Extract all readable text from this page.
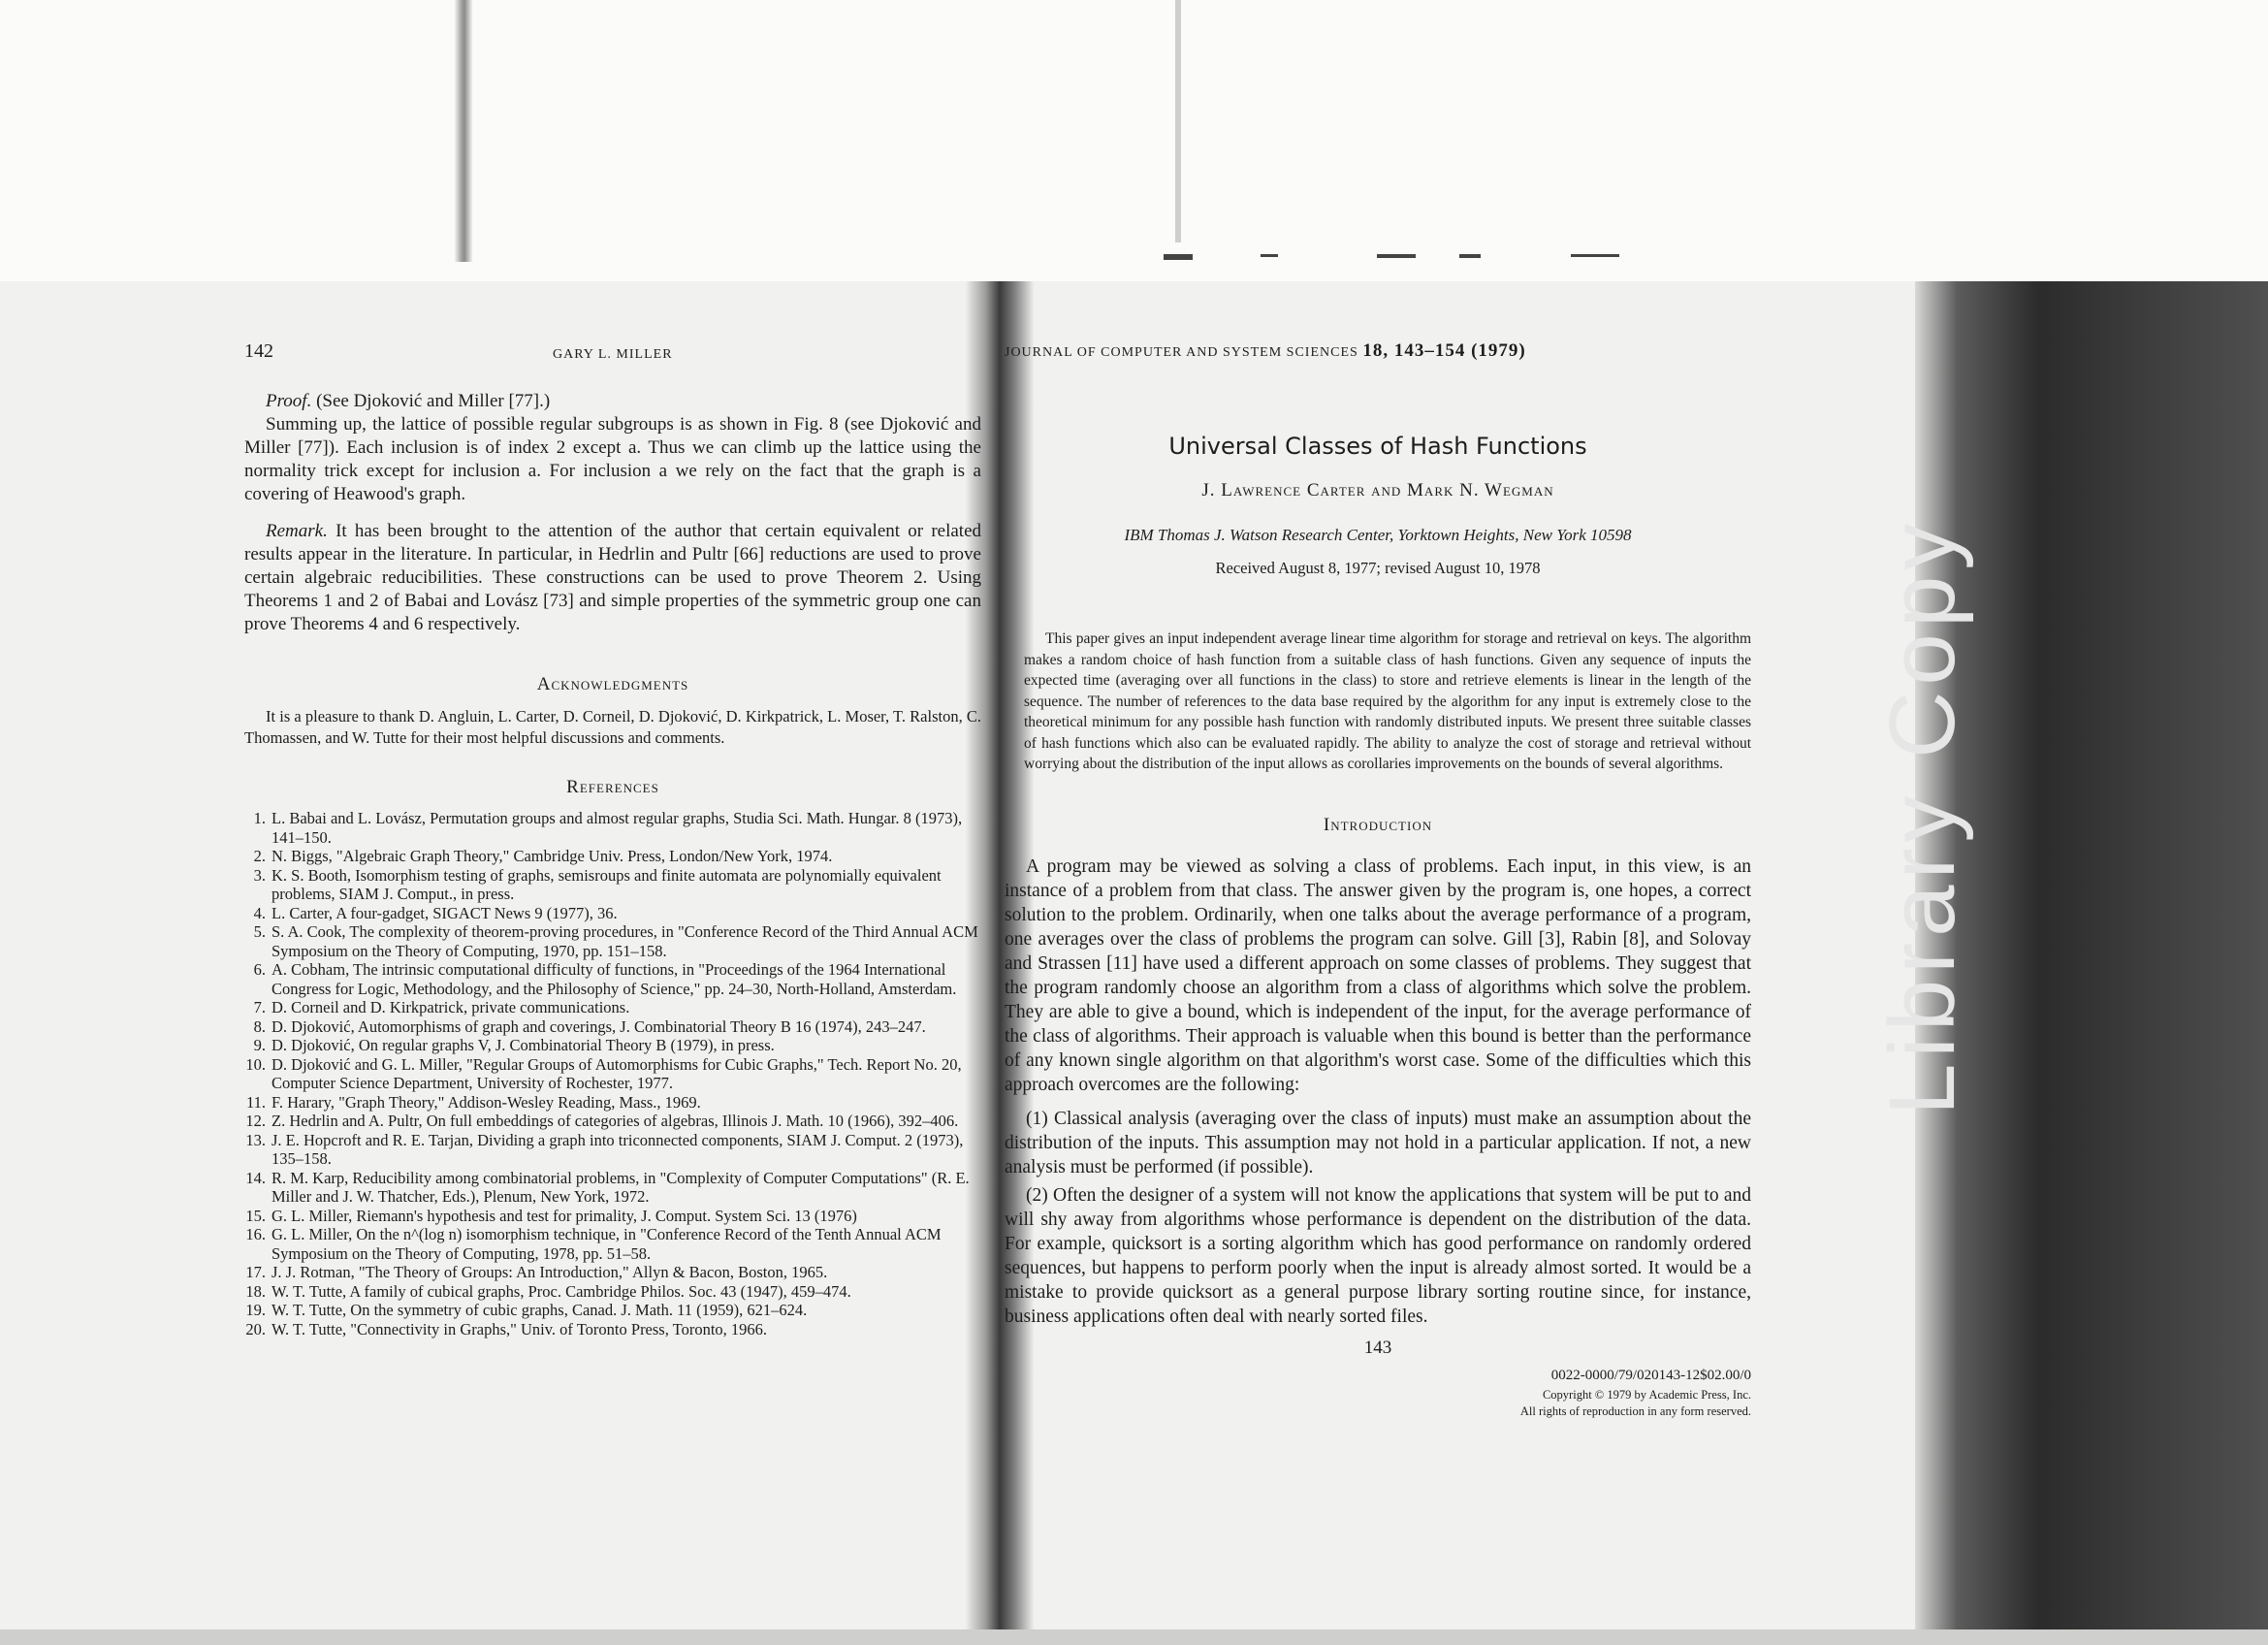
Library Copy
142	GARY L. MILLER

Proof. (See Djoković and Miller [77].)

Summing up, the lattice of possible regular subgroups is as shown in Fig. 8 (see Djoković and Miller [77]). Each inclusion is of index 2 except a. Thus we can climb up the lattice using the normality trick except for inclusion a. For inclusion a we rely on the fact that the graph is a covering of Heawood's graph.

Remark. It has been brought to the attention of the author that certain equivalent or related results appear in the literature. In particular, in Hedrlin and Pultr [66] reductions are used to prove certain algebraic reducibilities. These constructions can be used to prove Theorem 2. Using Theorems 1 and 2 of Babai and Lovász [73] and simple properties of the symmetric group one can prove Theorems 4 and 6 respectively.

Acknowledgments

It is a pleasure to thank D. Angluin, L. Carter, D. Corneil, D. Djoković, D. Kirkpatrick, L. Moser, T. Ralston, C. Thomassen, and W. Tutte for their most helpful discussions and comments.

References
1. L. Babai and L. Lovász, Permutation groups and almost regular graphs, Studia Sci. Math. Hungar. 8 (1973), 141–150.
2. N. Biggs, "Algebraic Graph Theory," Cambridge Univ. Press, London/New York, 1974.
3. K. S. Booth, Isomorphism testing of graphs, semisroups and finite automata are polynomially equivalent problems, SIAM J. Comput., in press.
4. L. Carter, A four-gadget, SIGACT News 9 (1977), 36.
5. S. A. Cook, The complexity of theorem-proving procedures, in "Conference Record of the Third Annual ACM Symposium on the Theory of Computing, 1970, pp. 151–158.
6. A. Cobham, The intrinsic computational difficulty of functions, in "Proceedings of the 1964 International Congress for Logic, Methodology, and the Philosophy of Science," pp. 24–30, North-Holland, Amsterdam.
7. D. Corneil and D. Kirkpatrick, private communications.
8. D. Djoković, Automorphisms of graph and coverings, J. Combinatorial Theory B 16 (1974), 243–247.
9. D. Djoković, On regular graphs V, J. Combinatorial Theory B (1979), in press.
10. D. Djoković and G. L. Miller, "Regular Groups of Automorphisms for Cubic Graphs," Tech. Report No. 20, Computer Science Department, University of Rochester, 1977.
11. F. Harary, "Graph Theory," Addison-Wesley Reading, Mass., 1969.
12. Z. Hedrlin and A. Pultr, On full embeddings of categories of algebras, Illinois J. Math. 10 (1966), 392–406.
13. J. E. Hopcroft and R. E. Tarjan, Dividing a graph into triconnected components, SIAM J. Comput. 2 (1973), 135–158.
14. R. M. Karp, Reducibility among combinatorial problems, in "Complexity of Computer Computations" (R. E. Miller and J. W. Thatcher, Eds.), Plenum, New York, 1972.
15. G. L. Miller, Riemann's hypothesis and test for primality, J. Comput. System Sci. 13 (1976)
16. G. L. Miller, On the n^(log n) isomorphism technique, in "Conference Record of the Tenth Annual ACM Symposium on the Theory of Computing, 1978, pp. 51–58.
17. J. J. Rotman, "The Theory of Groups: An Introduction," Allyn & Bacon, Boston, 1965.
18. W. T. Tutte, A family of cubical graphs, Proc. Cambridge Philos. Soc. 43 (1947), 459–474.
19. W. T. Tutte, On the symmetry of cubic graphs, Canad. J. Math. 11 (1959), 621–624.
20. W. T. Tutte, "Connectivity in Graphs," Univ. of Toronto Press, Toronto, 1966.
JOURNAL OF COMPUTER AND SYSTEM SCIENCES 18, 143–154 (1979)
Universal Classes of Hash Functions
J. Lawrence Carter and Mark N. Wegman
IBM Thomas J. Watson Research Center, Yorktown Heights, New York 10598
Received August 8, 1977; revised August 10, 1978

This paper gives an input independent average linear time algorithm for storage and retrieval on keys. The algorithm makes a random choice of hash function from a suitable class of hash functions. Given any sequence of inputs the expected time (averaging over all functions in the class) to store and retrieve elements is linear in the length of the sequence. The number of references to the data base required by the algorithm for any input is extremely close to the theoretical minimum for any possible hash function with randomly distributed inputs. We present three suitable classes of hash functions which also can be evaluated rapidly. The ability to analyze the cost of storage and retrieval without worrying about the distribution of the input allows as corollaries improvements on the bounds of several algorithms.

Introduction

A program may be viewed as solving a class of problems. Each input, in this view, is an instance of a problem from that class. The answer given by the program is, one hopes, a correct solution to the problem. Ordinarily, when one talks about the average performance of a program, one averages over the class of problems the program can solve. Gill [3], Rabin [8], and Solovay and Strassen [11] have used a different approach on some classes of problems. They suggest that the program randomly choose an algorithm from a class of algorithms which solve the problem. They are able to give a bound, which is independent of the input, for the average performance of the class of algorithms. Their approach is valuable when this bound is better than the performance of any known single algorithm on that algorithm's worst case. Some of the difficulties which this approach overcomes are the following:

(1) Classical analysis (averaging over the class of inputs) must make an assumption about the distribution of the inputs. This assumption may not hold in a particular application. If not, a new analysis must be performed (if possible).

(2) Often the designer of a system will not know the applications that system will be put to and will shy away from algorithms whose performance is dependent on the distribution of the data. For example, quicksort is a sorting algorithm which has good performance on randomly ordered sequences, but happens to perform poorly when the input is already almost sorted. It would be a mistake to provide quicksort as a general purpose library sorting routine since, for instance, business applications often deal with nearly sorted files.

143
0022-0000/79/020143-12$02.00/0
Copyright © 1979 by Academic Press, Inc.
All rights of reproduction in any form reserved.
